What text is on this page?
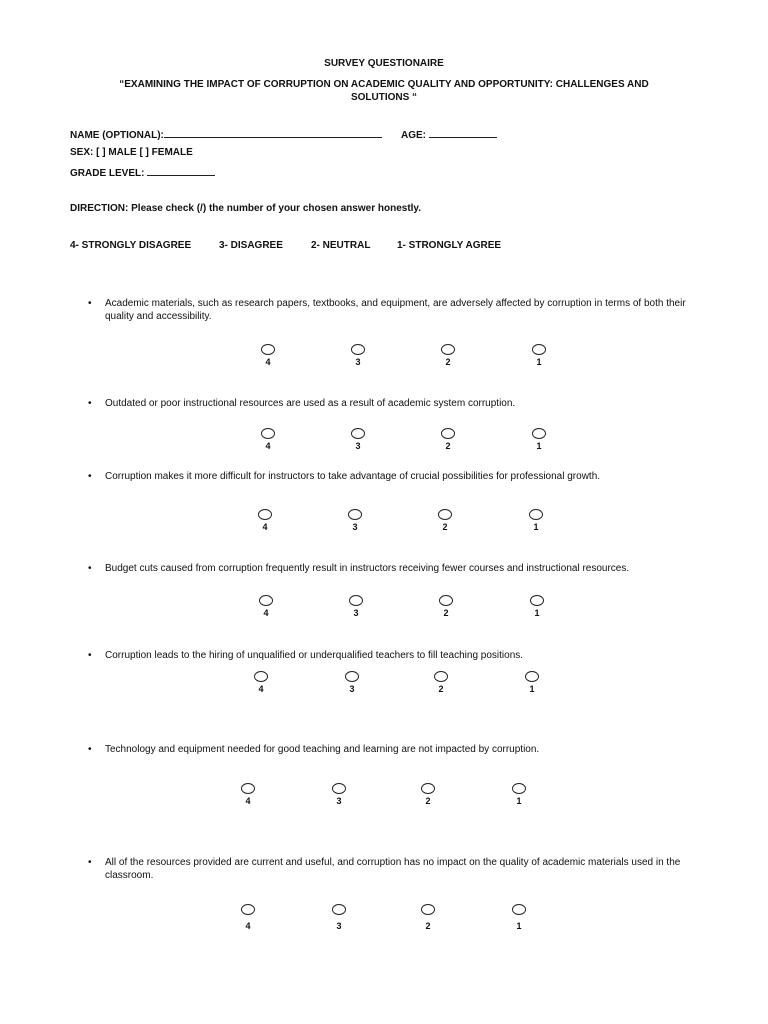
SURVEY QUESTIONAIRE
“EXAMINING THE IMPACT OF CORRUPTION ON ACADEMIC QUALITY AND OPPORTUNITY: CHALLENGES AND SOLUTIONS “
NAME (OPTIONAL):	AGE:
SEX: [ ] MALE [ ] FEMALE
GRADE LEVEL:
DIRECTION: Please check (/) the number of your chosen answer honestly.
4- STRONGLY DISAGREE	3- DISAGREE	2- NEUTRAL	1- STRONGLY AGREE
• Academic materials, such as research papers, textbooks, and equipment, are adversely affected by corruption in terms of both their quality and accessibility.
4	3	2	1
• Outdated or poor instructional resources are used as a result of academic system corruption.
4	3	2	1
• Corruption makes it more difficult for instructors to take advantage of crucial possibilities for professional growth.
4	3	2	1
• Budget cuts caused from corruption frequently result in instructors receiving fewer courses and instructional resources.
4	3	2	1
• Corruption leads to the hiring of unqualified or underqualified teachers to fill teaching positions.
4	3	2	1
• Technology and equipment needed for good teaching and learning are not impacted by corruption.
4	3	2	1
• All of the resources provided are current and useful, and corruption has no impact on the quality of academic materials used in the classroom.
4	3	2	1
